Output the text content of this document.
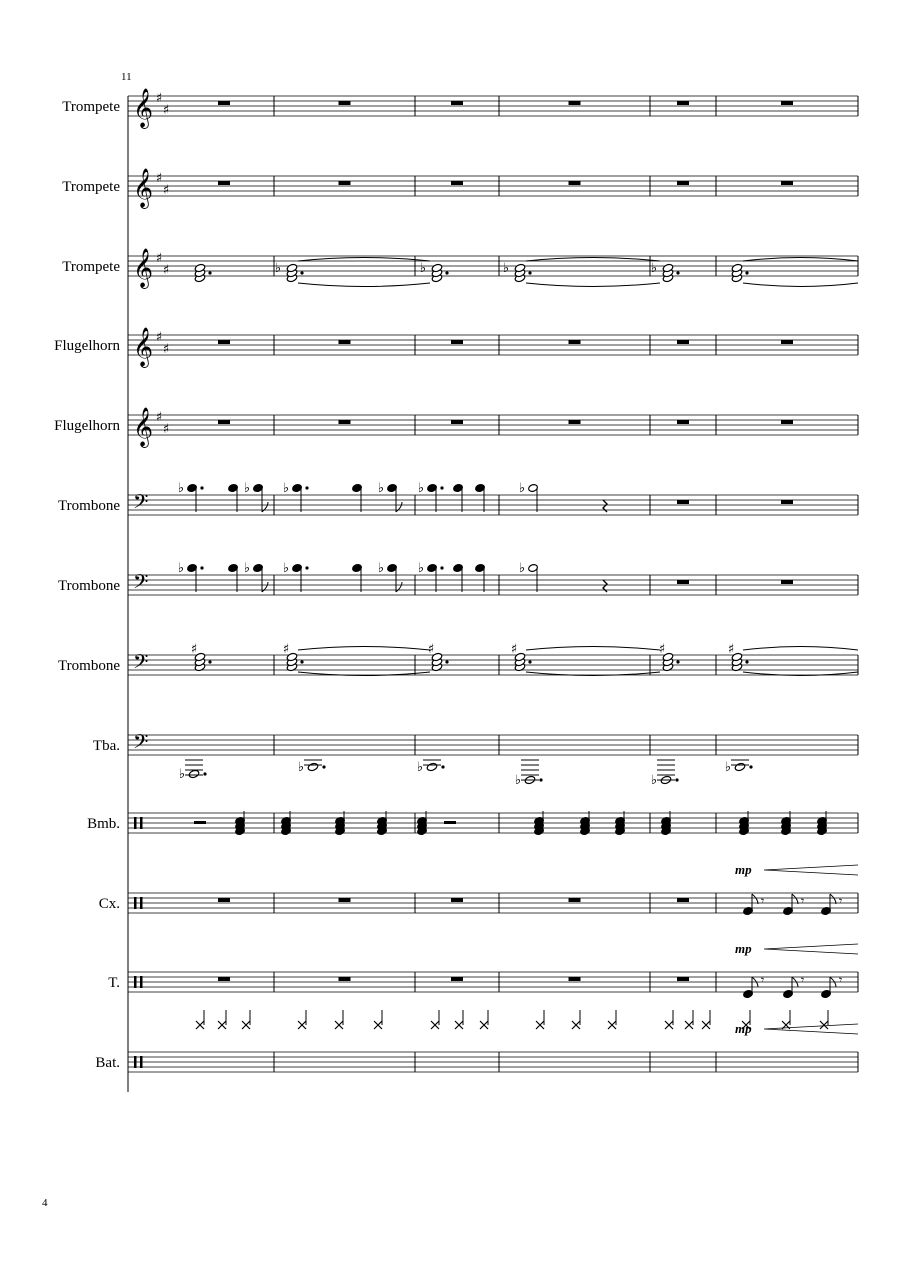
11
Trompete 𝄞 ♯
♯
Trompete 𝄞 ♯
♯
Trompete 𝄞 ♯
♯	♭	♭	♭	♭
Flugelhorn 𝄞 ♯
♯
Flugelhorn 𝄞 ♯
♯
Trombone 𝄢
♭	♭	♭	♭	♭	♭
Trombone 𝄢
♭	♭	♭	♭	♭	♭
Trombone 𝄢
♯	♯	♯	♯	♯	♯
Tba. 𝄢
♭	♭	♭
♭	♭
♭
Bmb.
Cx.	𝄾	𝄾	𝄾
mp
T.	𝄾	𝄾	𝄾
mp
Bat.
mp
4
